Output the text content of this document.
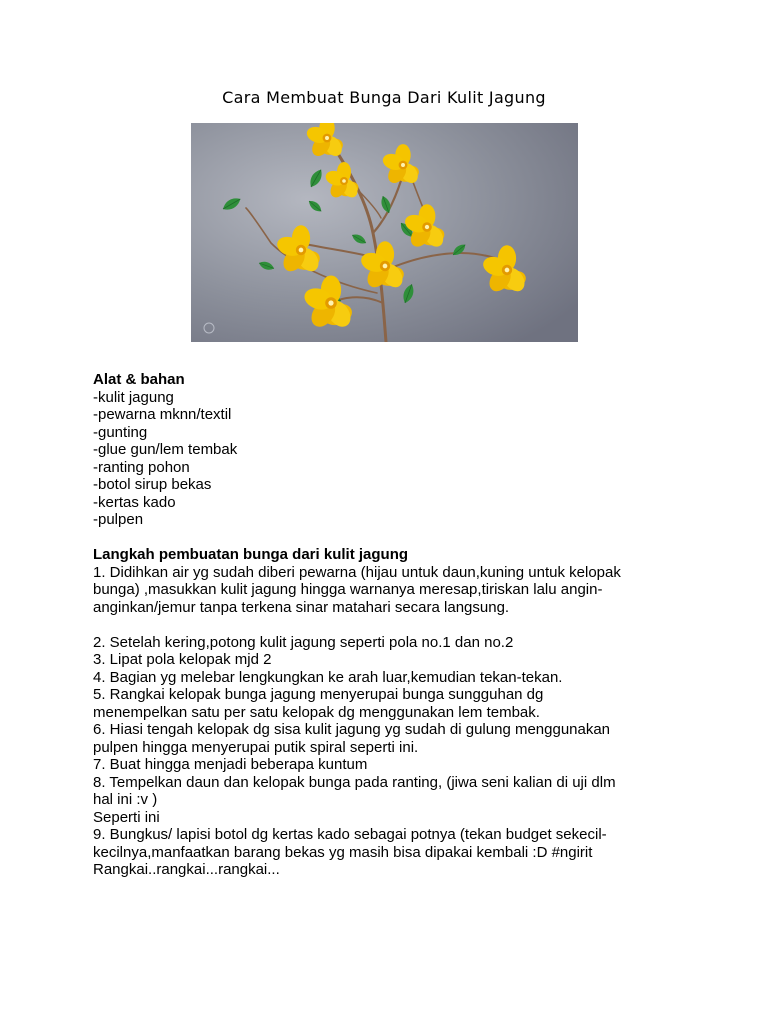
Cara Membuat Bunga Dari Kulit Jagung

Alat & bahan

-kulit jagung

-pewarna mknn/textil

-gunting

-glue gun/lem tembak

-ranting pohon

-botol sirup bekas

-kertas kado

-pulpen

Langkah pembuatan bunga dari kulit jagung

1. Didihkan air yg sudah diberi pewarna (hijau untuk daun,kuning untuk kelopak

bunga) ,masukkan kulit jagung hingga warnanya meresap,tiriskan lalu angin-

anginkan/jemur tanpa terkena sinar matahari secara langsung.

2. Setelah kering,potong kulit jagung seperti pola no.1 dan no.2

3. Lipat pola kelopak mjd 2

4. Bagian yg melebar lengkungkan ke arah luar,kemudian tekan-tekan.

5. Rangkai kelopak bunga jagung menyerupai bunga sungguhan dg

menempelkan satu per satu kelopak dg menggunakan lem tembak.

6. Hiasi tengah kelopak dg sisa kulit jagung yg sudah di gulung menggunakan

pulpen hingga menyerupai putik spiral seperti ini.

7. Buat hingga menjadi beberapa kuntum

8. Tempelkan daun dan kelopak bunga pada ranting, (jiwa seni kalian di uji dlm

hal ini :v )

Seperti ini

9. Bungkus/ lapisi botol dg kertas kado sebagai potnya (tekan budget sekecil-

kecilnya,manfaatkan barang bekas yg masih bisa dipakai kembali :D #ngirit

Rangkai..rangkai...rangkai...
